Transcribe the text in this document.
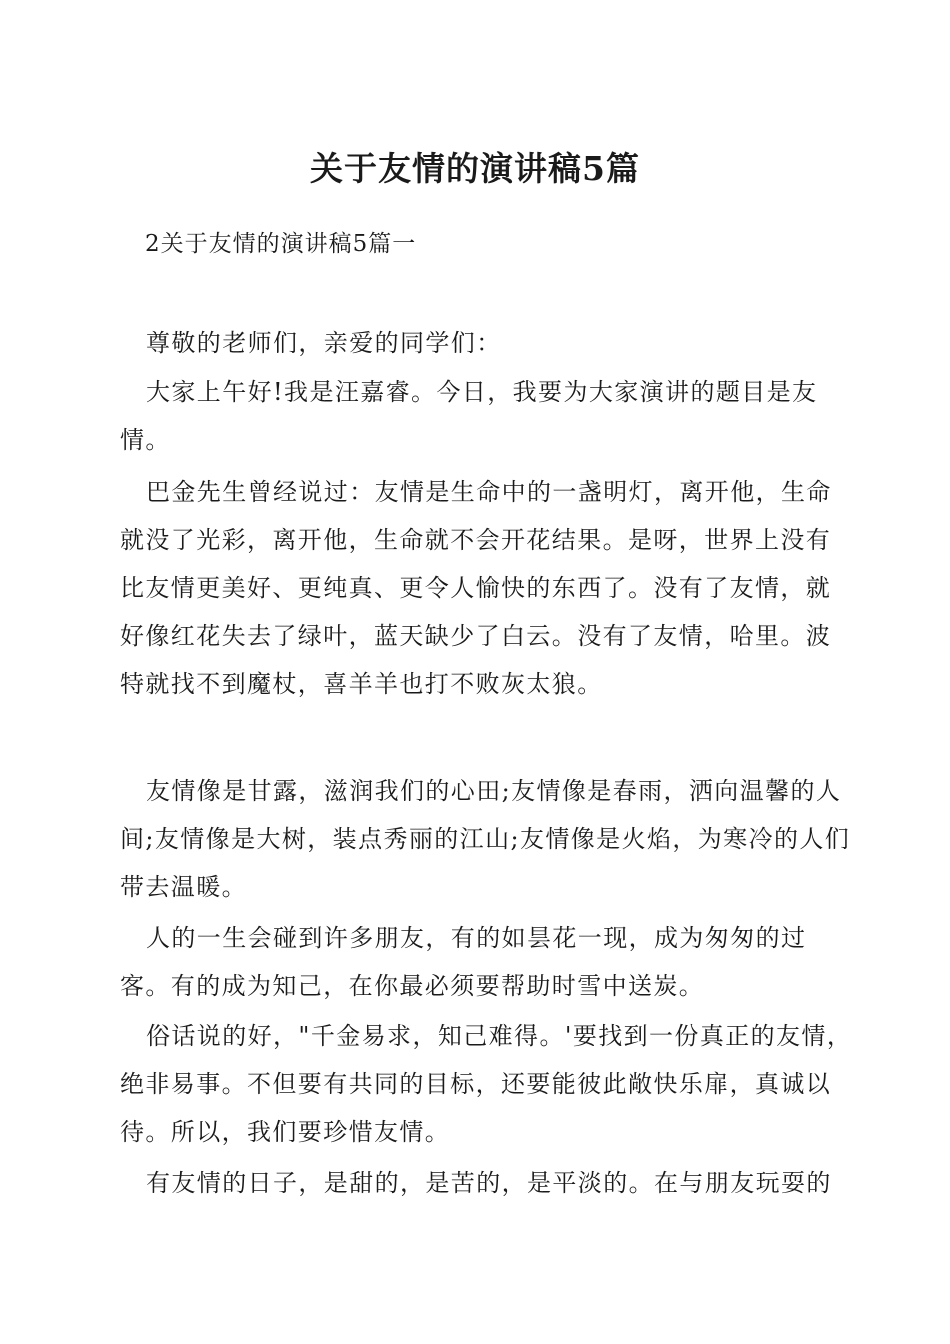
关于友情的演讲稿5篇
2关于友情的演讲稿5篇一

尊敬的老师们，亲爱的同学们：

大家上午好!我是汪嘉睿。今日，我要为大家演讲的题目是友情。

巴金先生曾经说过：友情是生命中的一盏明灯，离开他，生命就没了光彩，离开他，生命就不会开花结果。是呀，世界上没有比友情更美好、更纯真、更令人愉快的东西了。没有了友情，就好像红花失去了绿叶，蓝天缺少了白云。没有了友情，哈里。波特就找不到魔杖，喜羊羊也打不败灰太狼。

友情像是甘露，滋润我们的心田;友情像是春雨，洒向温馨的人间;友情像是大树，装点秀丽的江山;友情像是火焰，为寒冷的人们带去温暖。

人的一生会碰到许多朋友，有的如昙花一现，成为匆匆的过客。有的成为知己，在你最必须要帮助时雪中送炭。

俗话说的好，"千金易求，知己难得。'要找到一份真正的友情，绝非易事。不但要有共同的目标，还要能彼此敞快乐扉，真诚以待。所以，我们要珍惜友情。

有友情的日子，是甜的，是苦的，是平淡的。在与朋友玩耍的
